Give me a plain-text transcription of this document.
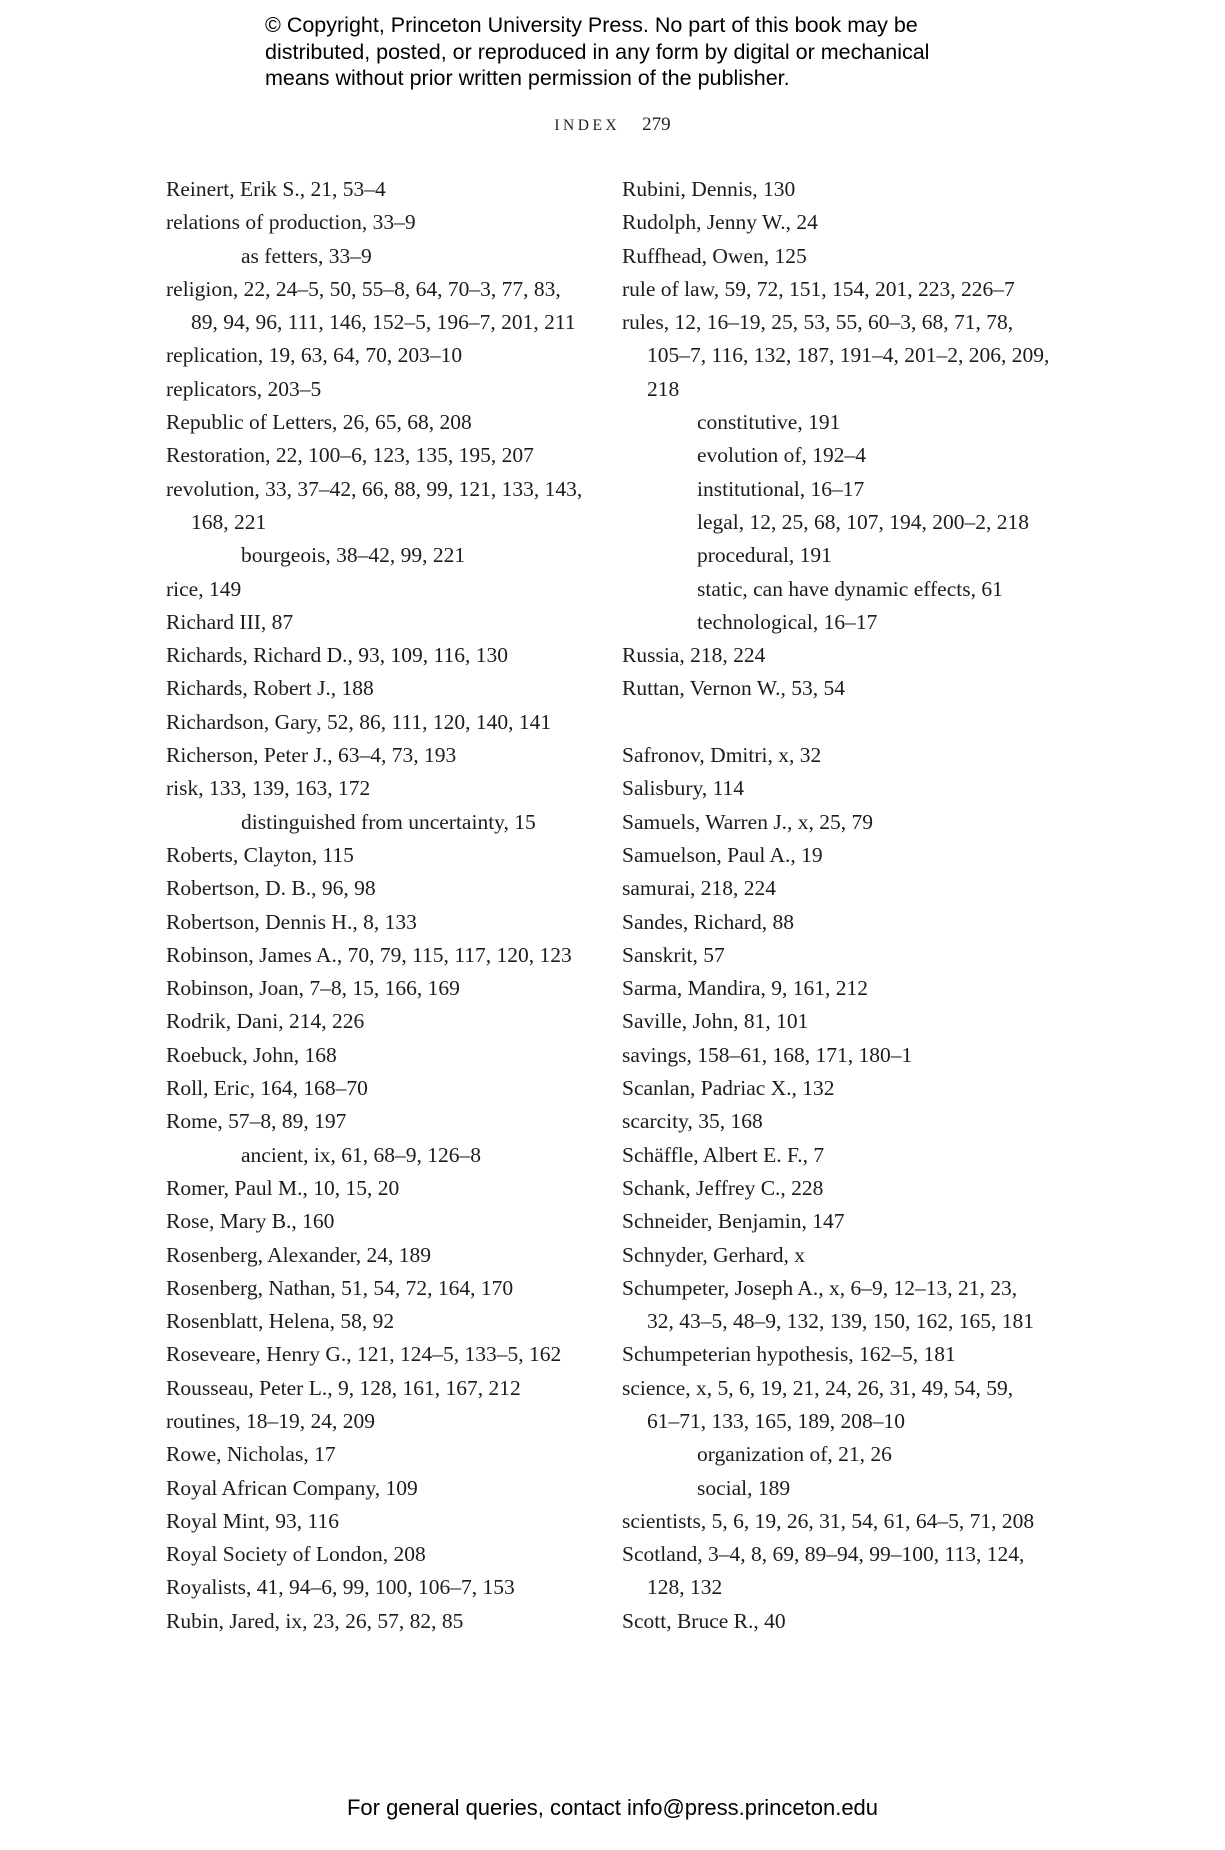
© Copyright, Princeton University Press. No part of this book may be
distributed, posted, or reproduced in any form by digital or mechanical
means without prior written permission of the publisher.
INDEX 279
Reinert, Erik S., 21, 53–4
relations of production, 33–9
as fetters, 33–9
religion, 22, 24–5, 50, 55–8, 64, 70–3, 77, 83,
89, 94, 96, 111, 146, 152–5, 196–7, 201, 211
replication, 19, 63, 64, 70, 203–10
replicators, 203–5
Republic of Letters, 26, 65, 68, 208
Restoration, 22, 100–6, 123, 135, 195, 207
revolution, 33, 37–42, 66, 88, 99, 121, 133, 143,
168, 221
bourgeois, 38–42, 99, 221
rice, 149
Richard III, 87
Richards, Richard D., 93, 109, 116, 130
Richards, Robert J., 188
Richardson, Gary, 52, 86, 111, 120, 140, 141
Richerson, Peter J., 63–4, 73, 193
risk, 133, 139, 163, 172
distinguished from uncertainty, 15
Roberts, Clayton, 115
Robertson, D. B., 96, 98
Robertson, Dennis H., 8, 133
Robinson, James A., 70, 79, 115, 117, 120, 123
Robinson, Joan, 7–8, 15, 166, 169
Rodrik, Dani, 214, 226
Roebuck, John, 168
Roll, Eric, 164, 168–70
Rome, 57–8, 89, 197
ancient, ix, 61, 68–9, 126–8
Romer, Paul M., 10, 15, 20
Rose, Mary B., 160
Rosenberg, Alexander, 24, 189
Rosenberg, Nathan, 51, 54, 72, 164, 170
Rosenblatt, Helena, 58, 92
Roseveare, Henry G., 121, 124–5, 133–5, 162
Rousseau, Peter L., 9, 128, 161, 167, 212
routines, 18–19, 24, 209
Rowe, Nicholas, 17
Royal African Company, 109
Royal Mint, 93, 116
Royal Society of London, 208
Royalists, 41, 94–6, 99, 100, 106–7, 153
Rubin, Jared, ix, 23, 26, 57, 82, 85
Rubini, Dennis, 130
Rudolph, Jenny W., 24
Ruffhead, Owen, 125
rule of law, 59, 72, 151, 154, 201, 223, 226–7
rules, 12, 16–19, 25, 53, 55, 60–3, 68, 71, 78,
105–7, 116, 132, 187, 191–4, 201–2, 206, 209,
218
constitutive, 191
evolution of, 192–4
institutional, 16–17
legal, 12, 25, 68, 107, 194, 200–2, 218
procedural, 191
static, can have dynamic effects, 61
technological, 16–17
Russia, 218, 224
Ruttan, Vernon W., 53, 54
Safronov, Dmitri, x, 32
Salisbury, 114
Samuels, Warren J., x, 25, 79
Samuelson, Paul A., 19
samurai, 218, 224
Sandes, Richard, 88
Sanskrit, 57
Sarma, Mandira, 9, 161, 212
Saville, John, 81, 101
savings, 158–61, 168, 171, 180–1
Scanlan, Padriac X., 132
scarcity, 35, 168
Schäffle, Albert E. F., 7
Schank, Jeffrey C., 228
Schneider, Benjamin, 147
Schnyder, Gerhard, x
Schumpeter, Joseph A., x, 6–9, 12–13, 21, 23,
32, 43–5, 48–9, 132, 139, 150, 162, 165, 181
Schumpeterian hypothesis, 162–5, 181
science, x, 5, 6, 19, 21, 24, 26, 31, 49, 54, 59,
61–71, 133, 165, 189, 208–10
organization of, 21, 26
social, 189
scientists, 5, 6, 19, 26, 31, 54, 61, 64–5, 71, 208
Scotland, 3–4, 8, 69, 89–94, 99–100, 113, 124,
128, 132
Scott, Bruce R., 40
For general queries, contact info@press.princeton.edu
